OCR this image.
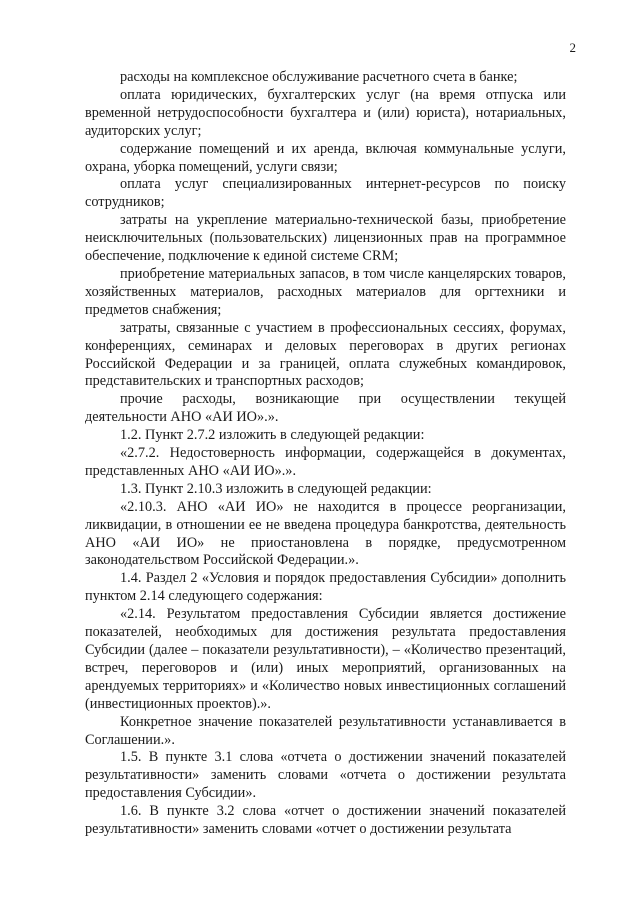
2

расходы на комплексное обслуживание расчетного счета в банке;

оплата юридических, бухгалтерских услуг (на время отпуска или временной нетрудоспособности бухгалтера и (или) юриста), нотариальных, аудиторских услуг;

содержание помещений и их аренда, включая коммунальные услуги, охрана, уборка помещений, услуги связи;

оплата услуг специализированных интернет-ресурсов по поиску сотрудников;

затраты на укрепление материально-технической базы, приобретение неисключительных (пользовательских) лицензионных прав на программное обеспечение, подключение к единой системе CRM;

приобретение материальных запасов, в том числе канцелярских товаров, хозяйственных материалов, расходных материалов для оргтехники и предметов снабжения;

затраты, связанные с участием в профессиональных сессиях, форумах, конференциях, семинарах и деловых переговорах в других регионах Российской Федерации и за границей, оплата служебных командировок, представительских и транспортных расходов;

прочие расходы, возникающие при осуществлении текущей деятельности АНО «АИ ИО».».

1.2. Пункт 2.7.2 изложить в следующей редакции:

«2.7.2. Недостоверность информации, содержащейся в документах, представленных АНО «АИ ИО».».

1.3. Пункт 2.10.3 изложить в следующей редакции:

«2.10.3. АНО «АИ ИО» не находится в процессе реорганизации, ликвидации, в отношении ее не введена процедура банкротства, деятельность АНО «АИ ИО» не приостановлена в порядке, предусмотренном законодательством Российской Федерации.».

1.4. Раздел 2 «Условия и порядок предоставления Субсидии» дополнить пунктом 2.14 следующего содержания:

«2.14. Результатом предоставления Субсидии является достижение показателей, необходимых для достижения результата предоставления Субсидии (далее – показатели результативности), – «Количество презентаций, встреч, переговоров и (или) иных мероприятий, организованных на арендуемых территориях» и «Количество новых инвестиционных соглашений (инвестиционных проектов).».

Конкретное значение показателей результативности устанавливается в Соглашении.».

1.5. В пункте 3.1 слова «отчета о достижении значений показателей результативности» заменить словами «отчета о достижении результата предоставления Субсидии».

1.6. В пункте 3.2 слова «отчет о достижении значений показателей результативности» заменить словами «отчет о достижении результата
